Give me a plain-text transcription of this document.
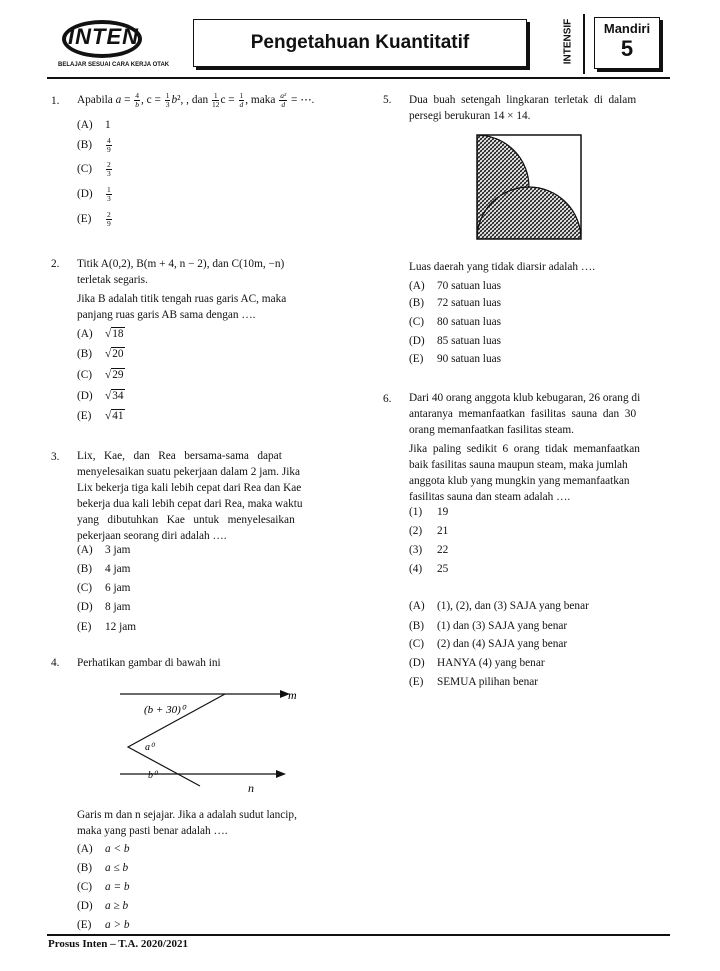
INTEN
BELAJAR SESUAI CARA KERJA OTAK
Pengetahuan Kuantitatif	INTENSIF	Mandiri
5
1. Apabila $a = \frac{4}{b}$ , $c = \frac{1}{3} b^2$, , dan $\frac{1}{12}$ $c = \frac{1}{d}$ , maka $\frac{\text{a²}}{d}$ = ⋯.
(A) 1
$(B) \frac{4}{9}$
$(C) \frac{2}{3}$
$(D) \frac{1}{3}$
$(E) \frac{2}{9}$
2. Titik A(0,2), B(m + 4, n − 2), dan C(10m, −n)
terletak segaris.
Jika B adalah titik tengah ruas garis AC, maka
panjang ruas garis AB sama dengan ….
(A) √18
(B) √20
(C) √29
(D) √34
(E) √41
3. Lix,   Kae,   dan   Rea   bersama-sama   dapat
menyelesaikan suatu pekerjaan dalam 2 jam. Jika
Lix bekerja tiga kali lebih cepat dari Rea dan Kae
bekerja dua kali lebih cepat dari Rea, maka waktu
yang   dibutuhkan   Kae   untuk   menyelesaikan
pekerjaan seorang diri adalah ….
(A) 3 jam
(B) 4 jam
(C) 6 jam
(D) 8 jam
(E) 12 jam
4. Perhatikan gambar di bawah ini
m
n
(b + 30)⁰
a⁰
b⁰
Garis m dan n sejajar. Jika a adalah sudut lancip,
maka yang pasti benar adalah ….
(A) a < b
(B) a ≤ b
(C) a = b
(D) a ≥ b
(E) a > b
5. Dua  buah  setengah  lingkaran  terletak  di  dalam
persegi berukuran 14 × 14.
Luas daerah yang tidak diarsir adalah ….
(A) 70 satuan luas
(B) 72 satuan luas
(C) 80 satuan luas
(D) 85 satuan luas
(E) 90 satuan luas
6. Dari 40 orang anggota klub kebugaran, 26 orang di
antaranya  memanfaatkan  fasilitas  sauna  dan  30
orang memanfaatkan fasilitas steam.
Jika  paling  sedikit  6  orang  tidak  memanfaatkan
baik fasilitas sauna maupun steam, maka jumlah
anggota klub yang mungkin yang memanfaatkan
fasilitas sauna dan steam adalah ….
(1) 19
(2) 21
(3) 22
(4) 25
(A) (1), (2), dan (3) SAJA yang benar
(B) (1) dan (3) SAJA yang benar
(C) (2) dan (4) SAJA yang benar
(D) HANYA (4) yang benar
(E) SEMUA pilihan benar
Prosus Inten – T.A. 2020/2021
